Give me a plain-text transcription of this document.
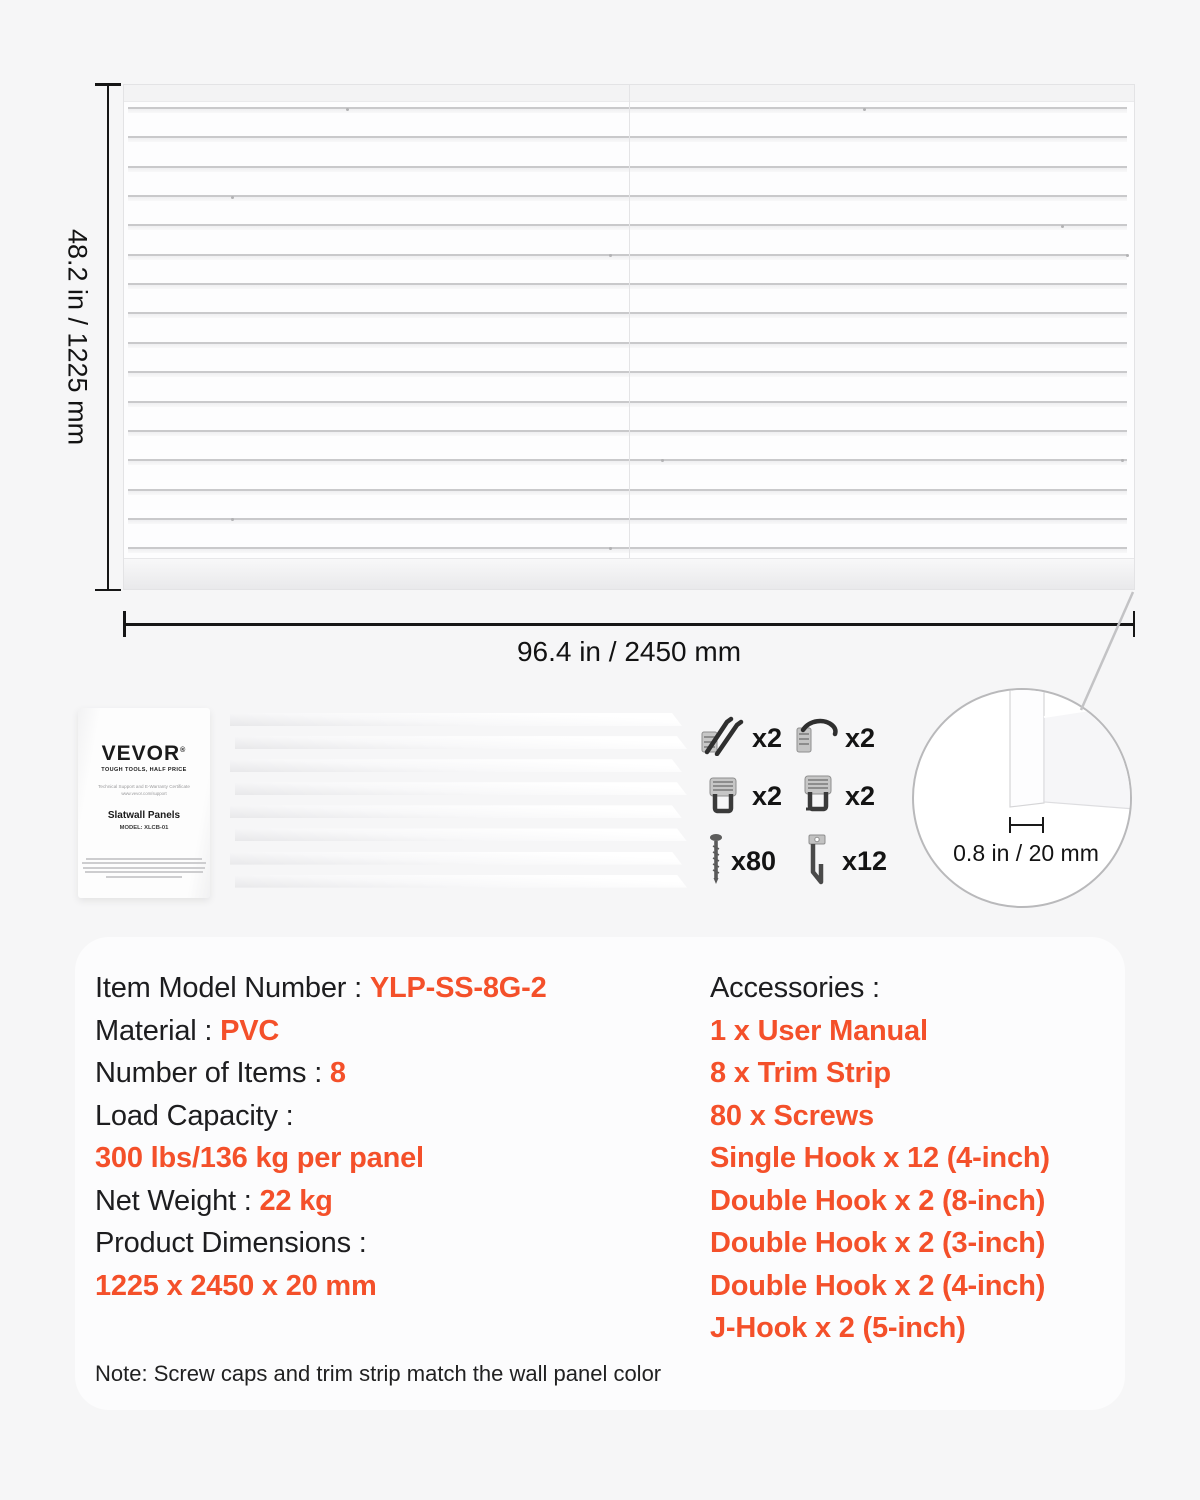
48.2 in / 1225 mm
96.4 in / 2450 mm
VEVOR®
TOUGH TOOLS, HALF PRICE
Technical Support and E-Warranty Certificate
www.vevor.com/support
Slatwall Panels
MODEL: XLCB-01
x2 x2
x2 x2
x80 x12	0.8 in / 20 mm
Item Model Number : YLP-SS-8G-2
Material : PVC
Number of Items : 8
Load Capacity :
300 lbs/136 kg per panel
Net Weight : 22 kg
Product Dimensions :
1225 x 2450 x 20 mm
Accessories :
1 x User Manual
8 x Trim Strip
80 x Screws
Single Hook x 12 (4-inch)
Double Hook x 2 (8-inch)
Double Hook x 2 (3-inch)
Double Hook x 2 (4-inch)
J-Hook x 2 (5-inch)
Note: Screw caps and trim strip match the wall panel color
